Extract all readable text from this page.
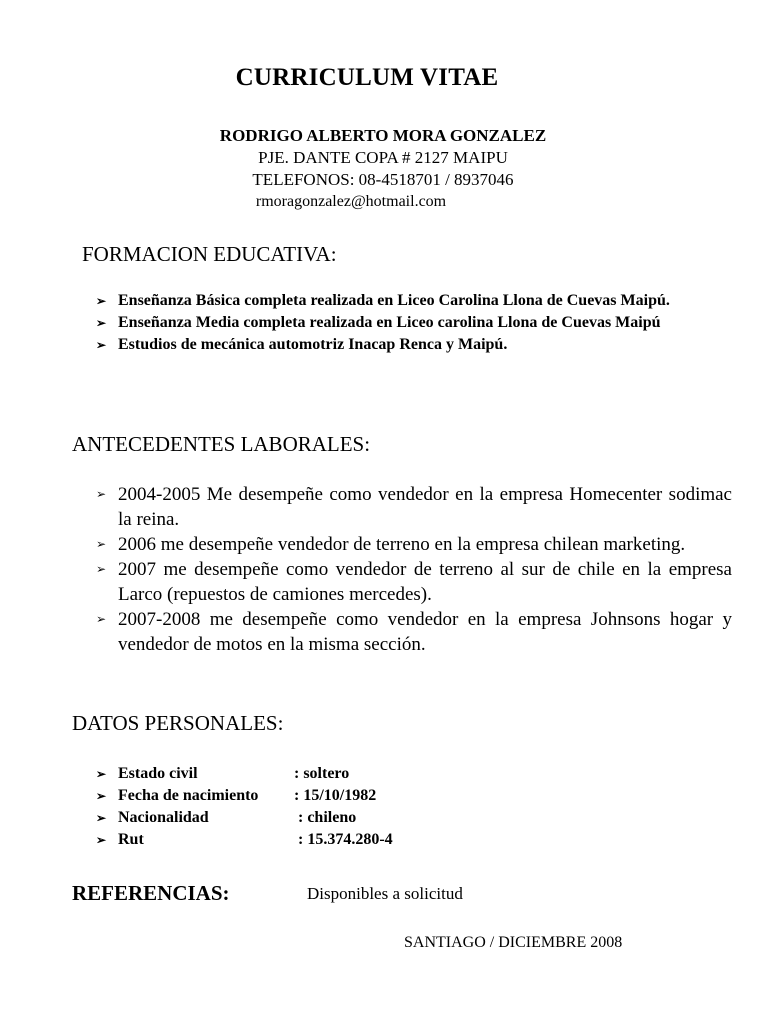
CURRICULUM VITAE
RODRIGO ALBERTO MORA GONZALEZ
PJE. DANTE COPA # 2127 MAIPU
TELEFONOS: 08-4518701 / 8937046
rmoragonzalez@hotmail.com
FORMACION EDUCATIVA:
➢ Enseñanza Básica completa realizada en Liceo Carolina Llona de Cuevas Maipú.
➢ Enseñanza Media completa realizada en Liceo carolina Llona de Cuevas Maipú
➢ Estudios de mecánica automotriz Inacap Renca y Maipú.
ANTECEDENTES LABORALES:
➢ 2004-2005 Me desempeñe como vendedor en la empresa Homecenter sodimac la reina.
➢ 2006 me desempeñe vendedor de terreno en la empresa chilean marketing.
➢ 2007 me desempeñe como vendedor de terreno al sur de chile en la empresa Larco (repuestos de camiones mercedes).
➢ 2007-2008 me desempeñe como vendedor en la empresa Johnsons hogar y vendedor de motos en la misma sección.
DATOS PERSONALES:
➢ Estado civil	: soltero
➢ Fecha de nacimiento : 15/10/1982
➢ Nacionalidad	: chileno
➢ Rut	: 15.374.280-4
REFERENCIAS:	Disponibles a solicitud
SANTIAGO / DICIEMBRE 2008
